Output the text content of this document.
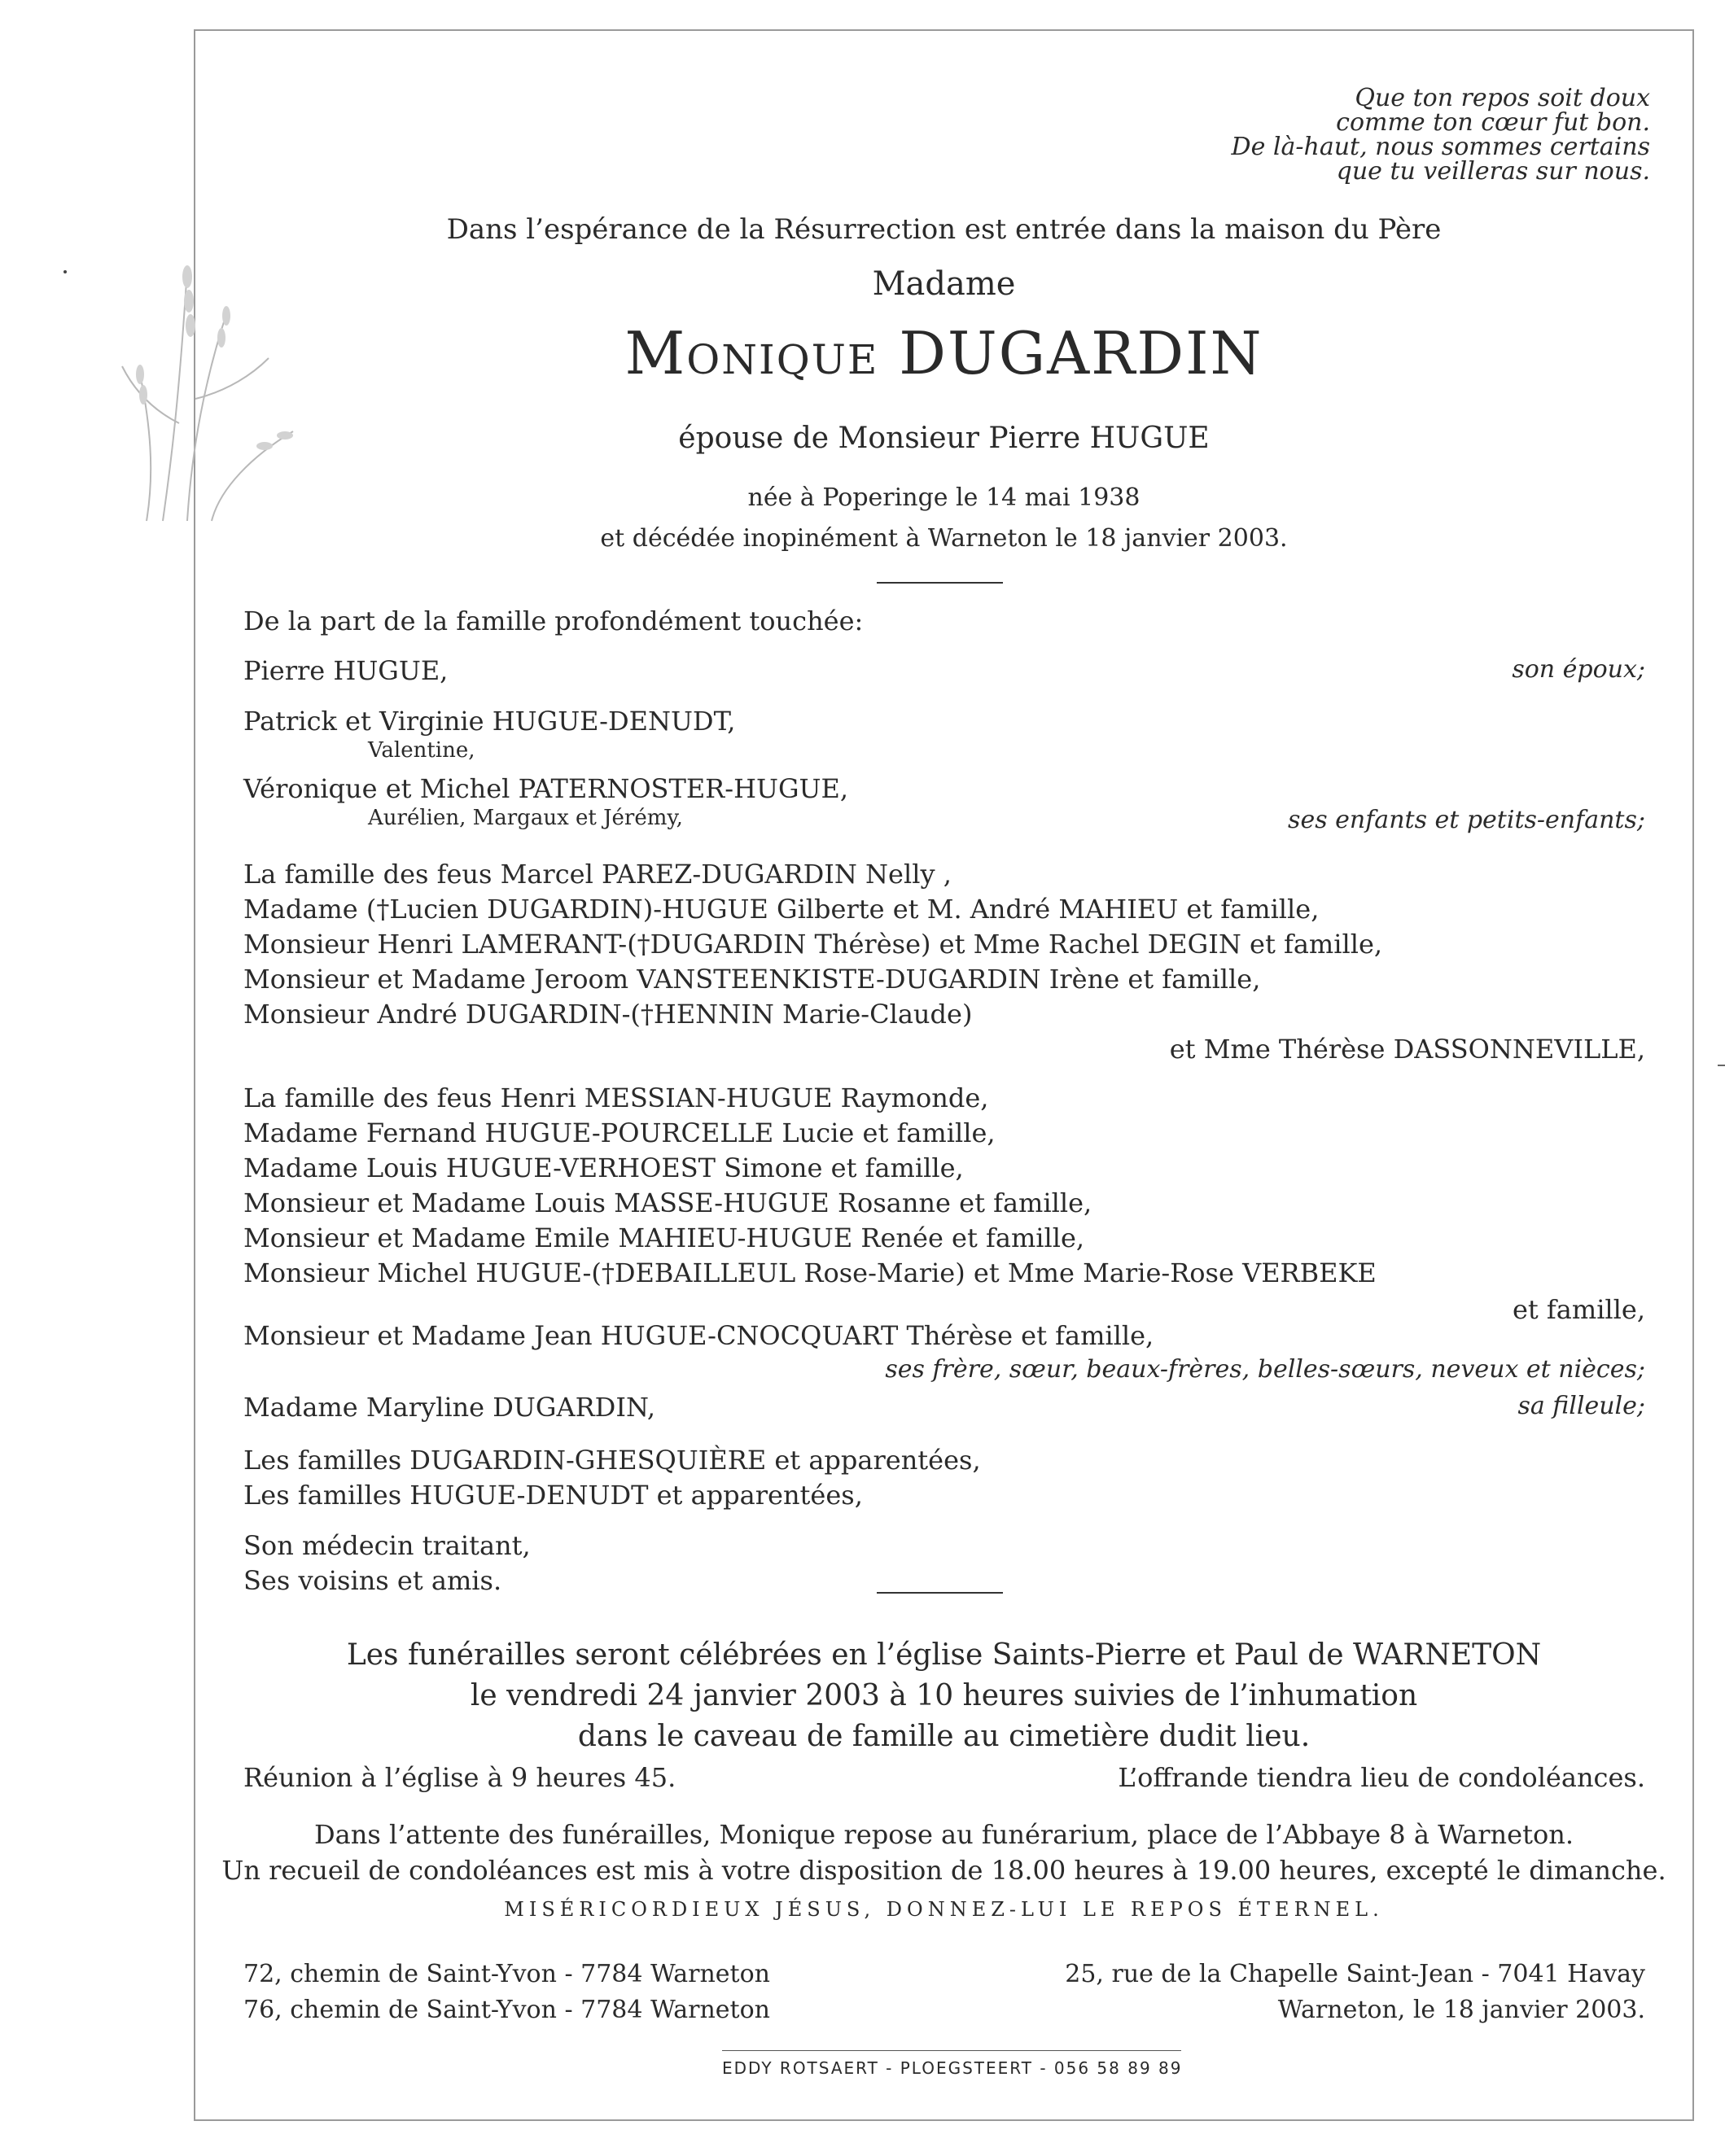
Que ton repos soit doux
comme ton cœur fut bon.
De là-haut, nous sommes certains
que tu veilleras sur nous.
Dans l’espérance de la Résurrection est entrée dans la maison du Père
Madame
Monique DUGARDIN
épouse de Monsieur Pierre HUGUE
née à Poperinge le 14 mai 1938
et décédée inopinément à Warneton le 18 janvier 2003.
De la part de la famille profondément touchée:
Pierre HUGUE,	son époux;
Patrick et Virginie HUGUE-DENUDT,
Valentine,
Véronique et Michel PATERNOSTER-HUGUE,
Aurélien, Margaux et Jérémy,	ses enfants et petits-enfants;
La famille des feus Marcel PAREZ-DUGARDIN Nelly ,
Madame (†Lucien DUGARDIN)-HUGUE Gilberte et M. André MAHIEU et famille,
Monsieur Henri LAMERANT-(†DUGARDIN Thérèse) et Mme Rachel DEGIN et famille,
Monsieur et Madame Jeroom VANSTEENKISTE-DUGARDIN Irène et famille,
Monsieur André DUGARDIN-(†HENNIN Marie-Claude)
et Mme Thérèse DASSONNEVILLE,
La famille des feus Henri MESSIAN-HUGUE Raymonde,
Madame Fernand HUGUE-POURCELLE Lucie et famille,
Madame Louis HUGUE-VERHOEST Simone et famille,
Monsieur et Madame Louis MASSE-HUGUE Rosanne et famille,
Monsieur et Madame Emile MAHIEU-HUGUE Renée et famille,
Monsieur Michel HUGUE-(†DEBAILLEUL Rose-Marie) et Mme Marie-Rose VERBEKE
et famille,
Monsieur et Madame Jean HUGUE-CNOCQUART Thérèse et famille,
ses frère, sœur, beaux-frères, belles-sœurs, neveux et nièces;
Madame Maryline DUGARDIN,	sa filleule;
Les familles DUGARDIN-GHESQUIÈRE et apparentées,
Les familles HUGUE-DENUDT et apparentées,
Son médecin traitant,
Ses voisins et amis.
Les funérailles seront célébrées en l’église Saints-Pierre et Paul de WARNETON
le vendredi 24 janvier 2003 à 10 heures suivies de l’inhumation
dans le caveau de famille au cimetière dudit lieu.
Réunion à l’église à 9 heures 45.	L’offrande tiendra lieu de condoléances.
Dans l’attente des funérailles, Monique repose au funérarium, place de l’Abbaye 8 à Warneton.
Un recueil de condoléances est mis à votre disposition de 18.00 heures à 19.00 heures, excepté le dimanche.
MISÉRICORDIEUX JÉSUS, DONNEZ-LUI LE REPOS ÉTERNEL.
72, chemin de Saint-Yvon - 7784 Warneton
76, chemin de Saint-Yvon - 7784 Warneton
25, rue de la Chapelle Saint-Jean - 7041 Havay
Warneton, le 18 janvier 2003.
EDDY ROTSAERT - PLOEGSTEERT - 056 58 89 89
